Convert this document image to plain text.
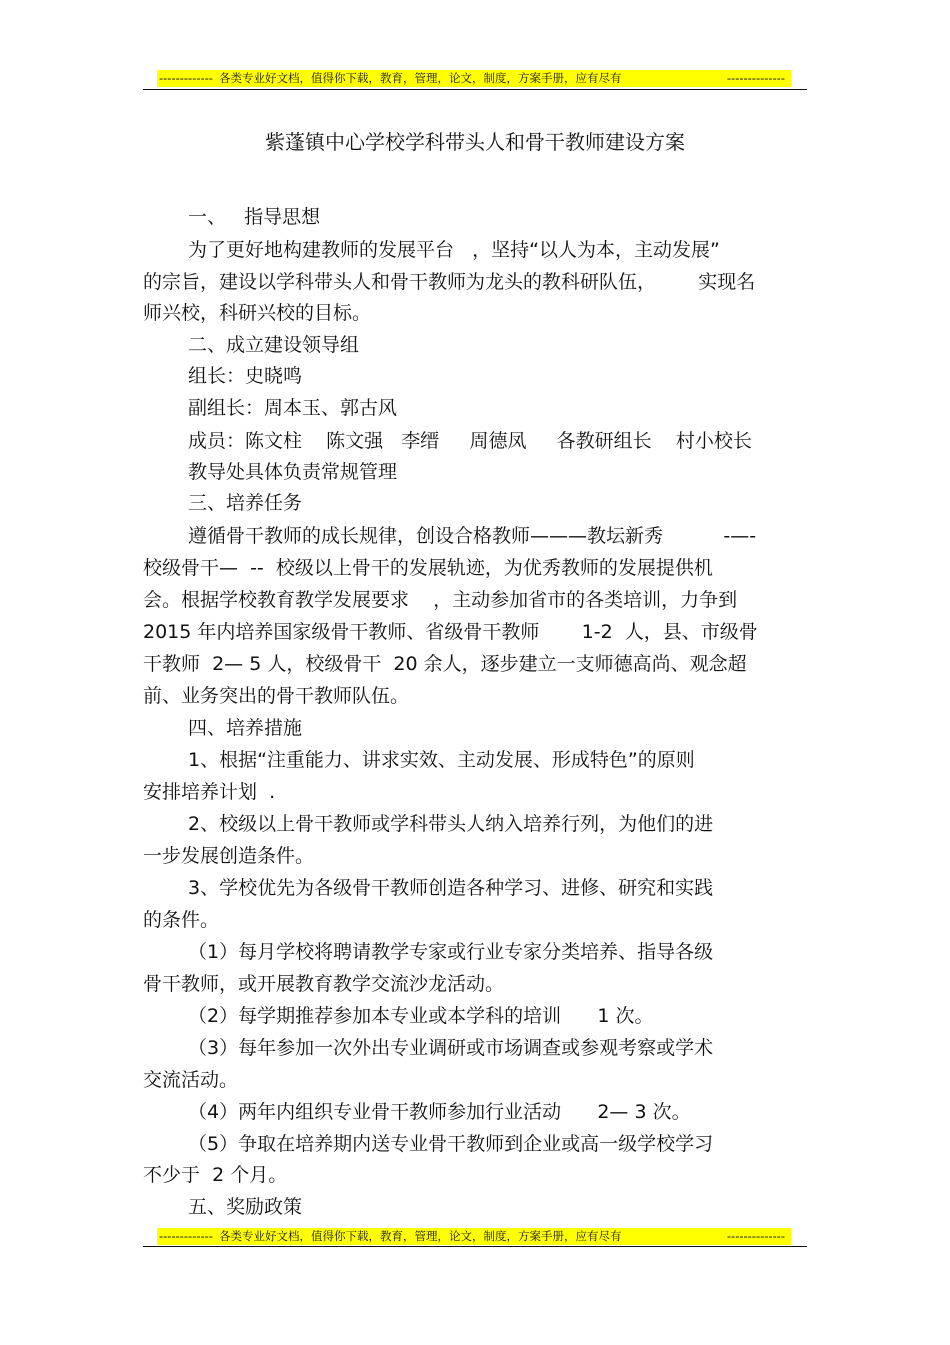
------------- 各类专业好文档，值得你下载，教育，管理，论文，制度，方案手册，应有尽有	--------------
紫蓬镇中心学校学科带头人和骨干教师建设方案
一、   指导思想
为了更好地构建教师的发展平台   ，坚持“以人为本，主动发展”
的宗旨，建设以学科带头人和骨干教师为龙头的教科研队伍，       实现名
师兴校，科研兴校的目标。
二、成立建设领导组
组长：史晓鸣
副组长：周本玉、郭古风
成员：陈文柱    陈文强   李缙     周德凤     各教研组长    村小校长
教导处具体负责常规管理
三、培养任务
遵循骨干教师的成长规律，创设合格教师———教坛新秀          -—-
校级骨干—  --  校级以上骨干的发展轨迹，为优秀教师的发展提供机
会。根据学校教育教学发展要求    ，主动参加省市的各类培训，力争到
2015 年内培养国家级骨干教师、省级骨干教师       1-2  人，县、市级骨
干教师  2— 5 人，校级骨干  20 余人，逐步建立一支师德高尚、观念超
前、业务突出的骨干教师队伍。
四、培养措施
1、根据“注重能力、讲求实效、主动发展、形成特色”的原则
安排培养计划  .
2、校级以上骨干教师或学科带头人纳入培养行列，为他们的进
一步发展创造条件。
3、学校优先为各级骨干教师创造各种学习、进修、研究和实践
的条件。
（1）每月学校将聘请教学专家或行业专家分类培养、指导各级
骨干教师，或开展教育教学交流沙龙活动。
（2）每学期推荐参加本专业或本学科的培训      1 次。
（3）每年参加一次外出专业调研或市场调查或参观考察或学术
交流活动。
（4）两年内组织专业骨干教师参加行业活动      2— 3 次。
（5）争取在培养期内送专业骨干教师到企业或高一级学校学习
不少于  2 个月。
五、奖励政策
------------- 各类专业好文档，值得你下载，教育，管理，论文，制度，方案手册，应有尽有	--------------
